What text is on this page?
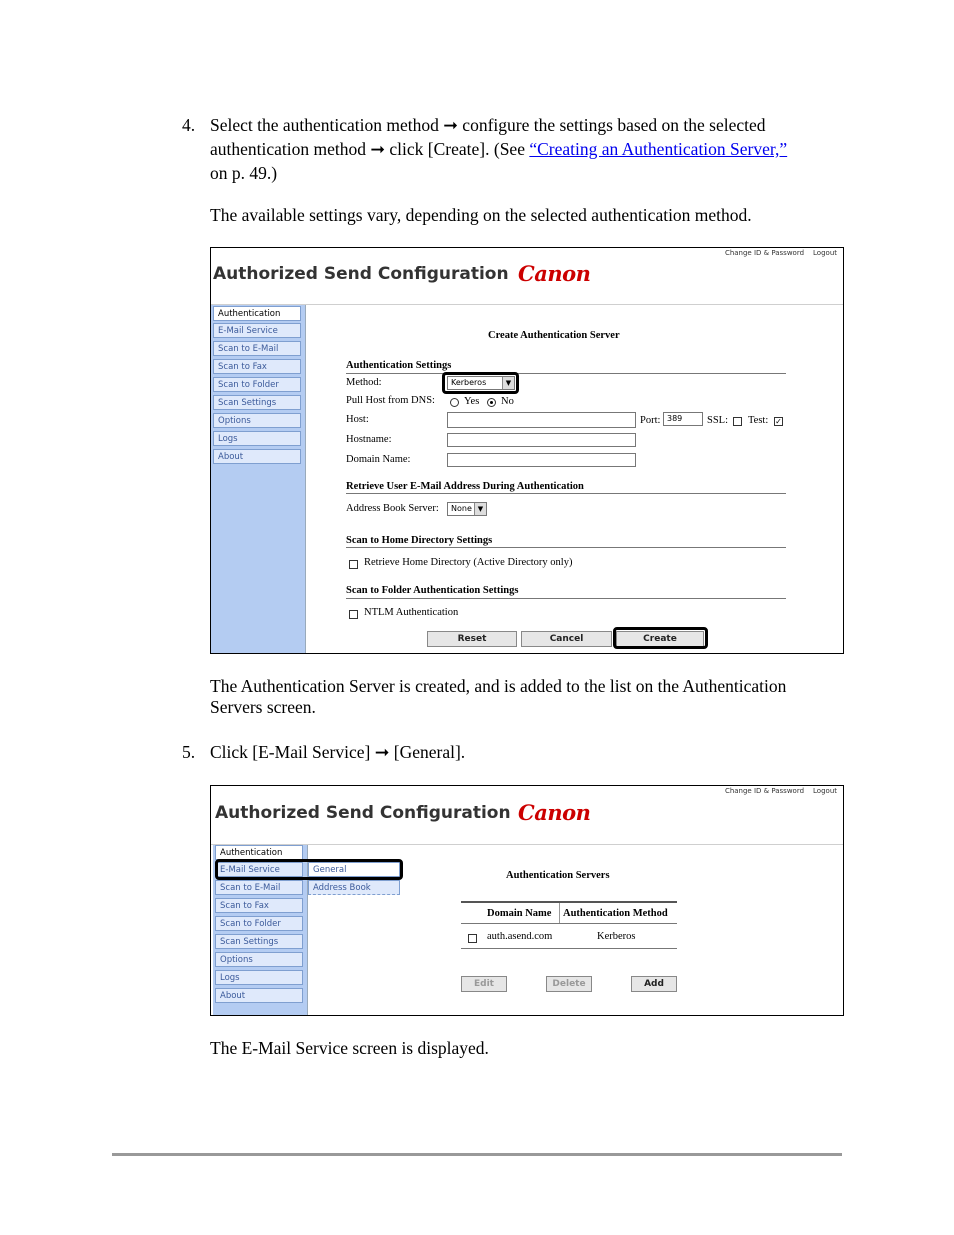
4. Select the authentication method ➞ configure the settings based on the selected
authentication method ➞ click [Create]. (See “Creating an Authentication Server,”
on p. 49.)
The available settings vary, depending on the selected authentication method.
Change ID & Password Logout
Authorized Send Configuration Canon
Authentication
E-Mail Service
Scan to E-Mail
Scan to Fax
Scan to Folder
Scan Settings
Options
Logs
About
Create Authentication Server
Authentication Settings
Method:	Kerberos	▼
Pull Host from DNS:	Yes No
Host:	Port: 389	SSL: Test: ✓
Hostname:
Domain Name:
Retrieve User E-Mail Address During Authentication
Address Book Server:	None ▼
Scan to Home Directory Settings
Retrieve Home Directory (Active Directory only)
Scan to Folder Authentication Settings
NTLM Authentication
Reset	Cancel	Create
The Authentication Server is created, and is added to the list on the Authentication
Servers screen.
5. Click [E-Mail Service] ➞ [General].
Change ID & Password Logout
Authorized Send Configuration Canon
Authentication
E-Mail Service
Scan to E-Mail
Scan to Fax
Scan to Folder
Scan Settings
Options
Logs
About
General
Address Book
Authentication Servers
Domain Name Authentication Method
auth.asend.com	Kerberos
Edit	Delete	Add
The E-Mail Service screen is displayed.
